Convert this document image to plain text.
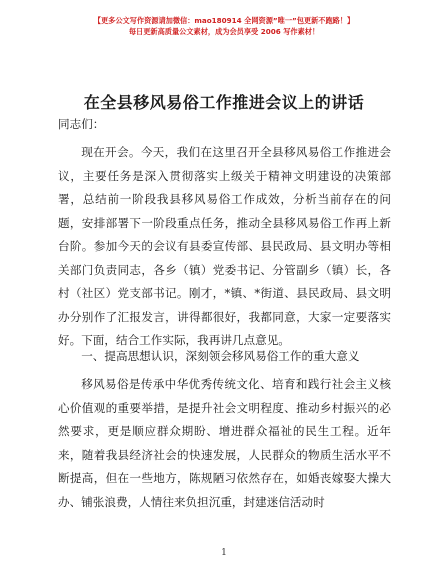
【更多公文写作资源请加微信：mao180914 全网资源”唯一”包更新不跑路！】
每日更新高质量公文素材，成为会员享受 2006 写作素材！
在全县移风易俗工作推进会议上的讲话
同志们：
现在开会。今天，我们在这里召开全县移风易俗工作推进会议，主要任务是深入贯彻落实上级关于精神文明建设的决策部署，总结前一阶段我县移风易俗工作成效，分析当前存在的问题，安排部署下一阶段重点任务，推动全县移风易俗工作再上新台阶。参加今天的会议有县委宣传部、县民政局、县文明办等相关部门负责同志，各乡（镇）党委书记、分管副乡（镇）长，各村（社区）党支部书记。刚才，*镇、*街道、县民政局、县文明办分别作了汇报发言，讲得都很好，我都同意，大家一定要落实好。下面，结合工作实际，我再讲几点意见。
一、提高思想认识，深刻领会移风易俗工作的重大意义
移风易俗是传承中华优秀传统文化、培育和践行社会主义核心价值观的重要举措，是提升社会文明程度、推动乡村振兴的必然要求，更是顺应群众期盼、增进群众福祉的民生工程。近年来，随着我县经济社会的快速发展，人民群众的物质生活水平不断提高，但在一些地方，陈规陋习依然存在，如婚丧嫁娶大操大办、铺张浪费，人情往来负担沉重，封建迷信活动时
1
